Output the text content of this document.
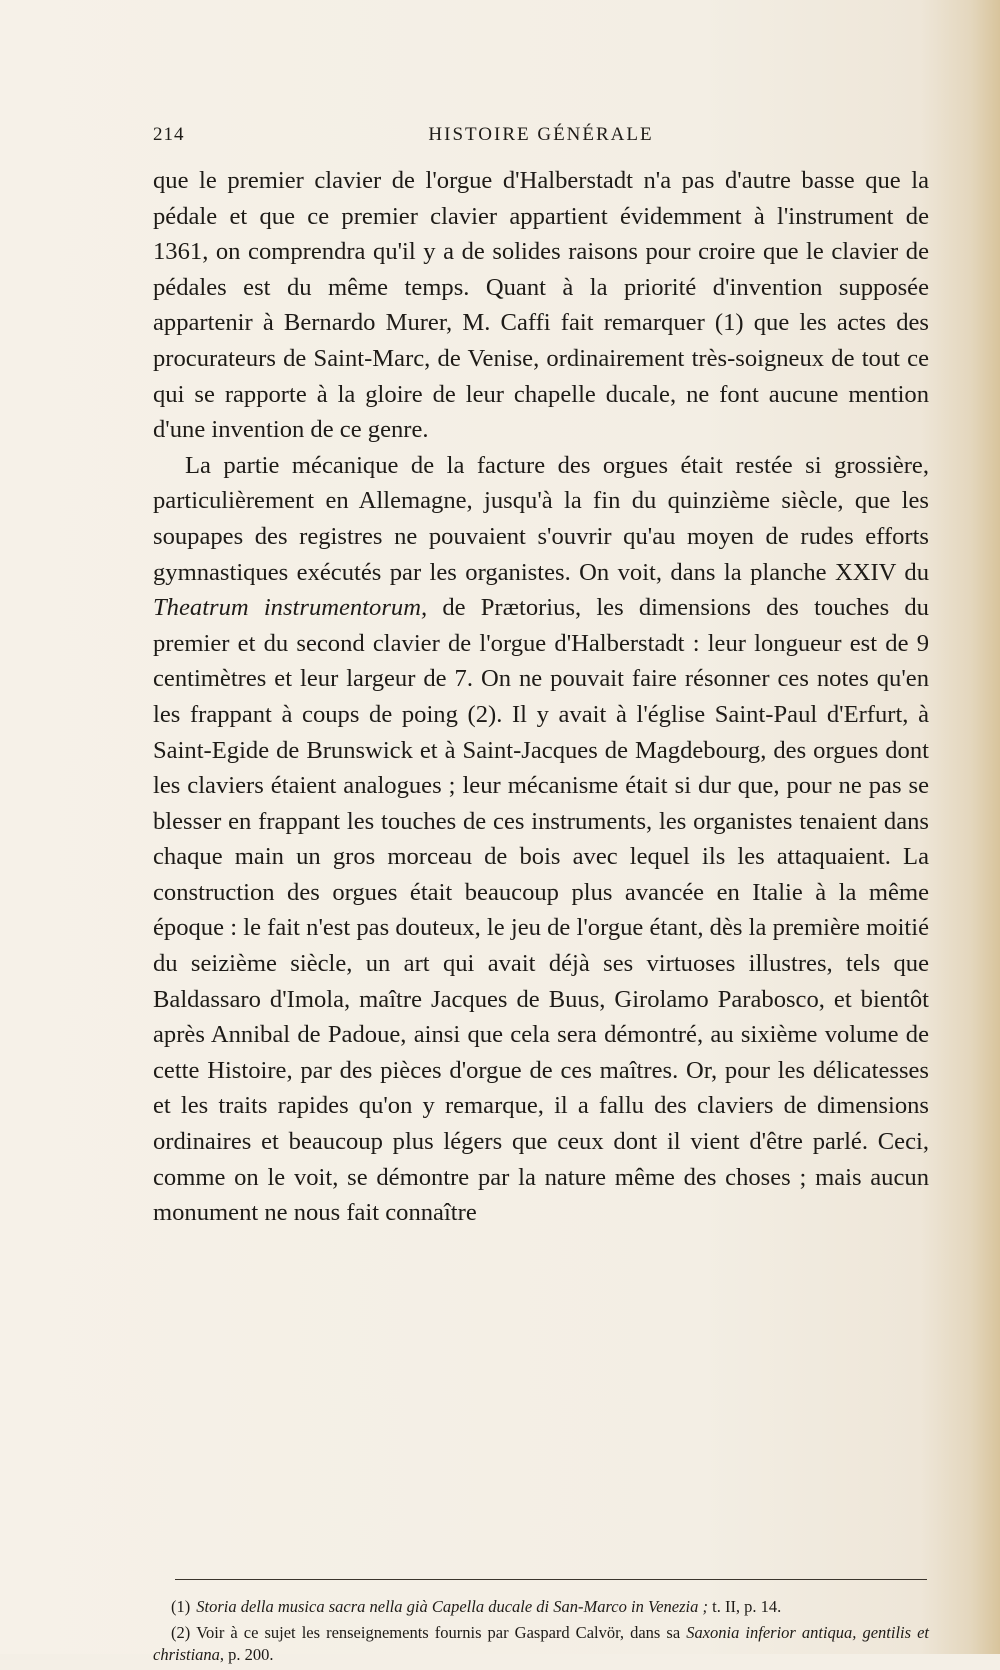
214	HISTOIRE GÉNÉRALE

que le premier clavier de l'orgue d'Halberstadt n'a pas d'autre basse que la pédale et que ce premier clavier appartient évidemment à l'instrument de 1361, on comprendra qu'il y a de solides raisons pour croire que le clavier de pédales est du même temps. Quant à la priorité d'invention supposée appartenir à Bernardo Murer, M. Caffi fait remarquer (1) que les actes des procurateurs de Saint-Marc, de Venise, ordinairement très-soigneux de tout ce qui se rapporte à la gloire de leur chapelle ducale, ne font aucune mention d'une invention de ce genre.

La partie mécanique de la facture des orgues était restée si grossière, particulièrement en Allemagne, jusqu'à la fin du quinzième siècle, que les soupapes des registres ne pouvaient s'ouvrir qu'au moyen de rudes efforts gymnastiques exécutés par les organistes. On voit, dans la planche XXIV du Theatrum instrumentorum, de Prætorius, les dimensions des touches du premier et du second clavier de l'orgue d'Halberstadt : leur longueur est de 9 centimètres et leur largeur de 7. On ne pouvait faire résonner ces notes qu'en les frappant à coups de poing (2). Il y avait à l'église Saint-Paul d'Erfurt, à Saint-Egide de Brunswick et à Saint-Jacques de Magdebourg, des orgues dont les claviers étaient analogues ; leur mécanisme était si dur que, pour ne pas se blesser en frappant les touches de ces instruments, les organistes tenaient dans chaque main un gros morceau de bois avec lequel ils les attaquaient. La construction des orgues était beaucoup plus avancée en Italie à la même époque : le fait n'est pas douteux, le jeu de l'orgue étant, dès la première moitié du seizième siècle, un art qui avait déjà ses virtuoses illustres, tels que Baldassaro d'Imola, maître Jacques de Buus, Girolamo Parabosco, et bientôt après Annibal de Padoue, ainsi que cela sera démontré, au sixième volume de cette Histoire, par des pièces d'orgue de ces maîtres. Or, pour les délicatesses et les traits rapides qu'on y remarque, il a fallu des claviers de dimensions ordinaires et beaucoup plus légers que ceux dont il vient d'être parlé. Ceci, comme on le voit, se démontre par la nature même des choses ; mais aucun monument ne nous fait connaître

(1) Storia della musica sacra nella già Capella ducale di San-Marco in Venezia ; t. II, p. 14.

(2) Voir à ce sujet les renseignements fournis par Gaspard Calvör, dans sa Saxonia inferior antiqua, gentilis et christiana, p. 200.
